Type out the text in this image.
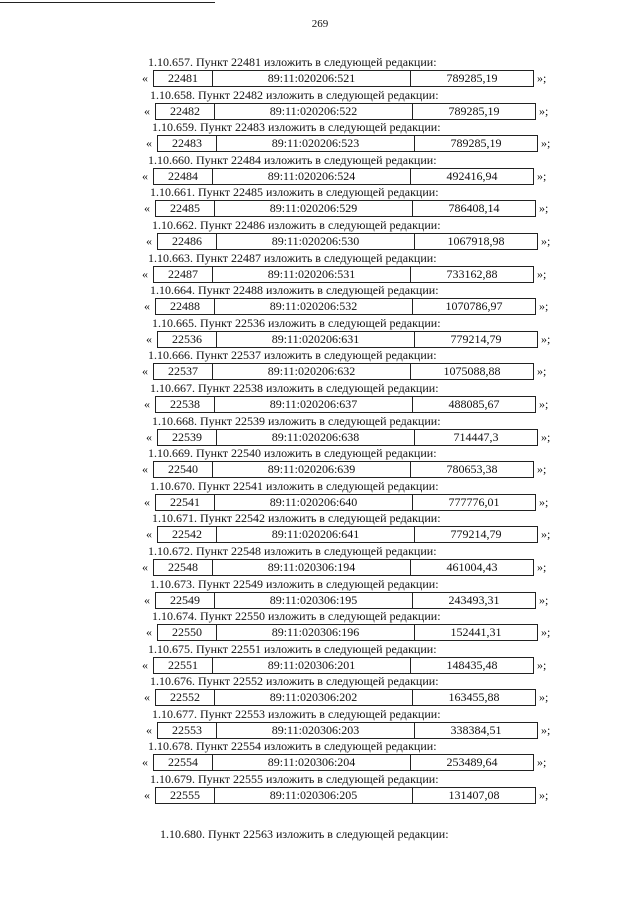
269
1.10.657. Пункт 22481 изложить в следующей редакции:
«	22481	89:11:020206:521	789285,19	»;
1.10.658. Пункт 22482 изложить в следующей редакции:
«	22482	89:11:020206:522	789285,19	»;
1.10.659. Пункт 22483 изложить в следующей редакции:
«	22483	89:11:020206:523	789285,19	»;
1.10.660. Пункт 22484 изложить в следующей редакции:
«	22484	89:11:020206:524	492416,94	»;
1.10.661. Пункт 22485 изложить в следующей редакции:
«	22485	89:11:020206:529	786408,14	»;
1.10.662. Пункт 22486 изложить в следующей редакции:
«	22486	89:11:020206:530	1067918,98	»;
1.10.663. Пункт 22487 изложить в следующей редакции:
«	22487	89:11:020206:531	733162,88	»;
1.10.664. Пункт 22488 изложить в следующей редакции:
«	22488	89:11:020206:532	1070786,97	»;
1.10.665. Пункт 22536 изложить в следующей редакции:
«	22536	89:11:020206:631	779214,79	»;
1.10.666. Пункт 22537 изложить в следующей редакции:
«	22537	89:11:020206:632	1075088,88	»;
1.10.667. Пункт 22538 изложить в следующей редакции:
«	22538	89:11:020206:637	488085,67	»;
1.10.668. Пункт 22539 изложить в следующей редакции:
«	22539	89:11:020206:638	714447,3	»;
1.10.669. Пункт 22540 изложить в следующей редакции:
«	22540	89:11:020206:639	780653,38	»;
1.10.670. Пункт 22541 изложить в следующей редакции:
«	22541	89:11:020206:640	777776,01	»;
1.10.671. Пункт 22542 изложить в следующей редакции:
«	22542	89:11:020206:641	779214,79	»;
1.10.672. Пункт 22548 изложить в следующей редакции:
«	22548	89:11:020306:194	461004,43	»;
1.10.673. Пункт 22549 изложить в следующей редакции:
«	22549	89:11:020306:195	243493,31	»;
1.10.674. Пункт 22550 изложить в следующей редакции:
«	22550	89:11:020306:196	152441,31	»;
1.10.675. Пункт 22551 изложить в следующей редакции:
«	22551	89:11:020306:201	148435,48	»;
1.10.676. Пункт 22552 изложить в следующей редакции:
«	22552	89:11:020306:202	163455,88	»;
1.10.677. Пункт 22553 изложить в следующей редакции:
«	22553	89:11:020306:203	338384,51	»;
1.10.678. Пункт 22554 изложить в следующей редакции:
«	22554	89:11:020306:204	253489,64	»;
1.10.679. Пункт 22555 изложить в следующей редакции:
«	22555	89:11:020306:205	131407,08	»;
1.10.680. Пункт 22563 изложить в следующей редакции:
